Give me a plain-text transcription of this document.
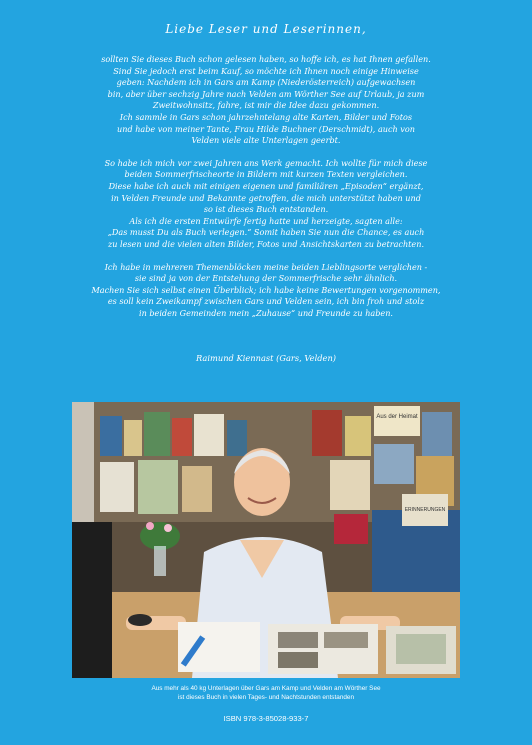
Liebe Leser und Leserinnen,
sollten Sie dieses Buch schon gelesen haben, so hoffe ich, es hat Ihnen gefallen.
Sind Sie jedoch erst beim Kauf, so möchte ich Ihnen noch einige Hinweise
geben: Nachdem ich in Gars am Kamp (Niederösterreich) aufgewachsen
bin, aber über sechzig Jahre nach Velden am Wörther See auf Urlaub, ja zum
Zweitwohnsitz, fahre, ist mir die Idee dazu gekommen.
Ich sammle in Gars schon jahrzehntelang alte Karten, Bilder und Fotos
und habe von meiner Tante, Frau Hilde Buchner (Derschmidt), auch von
Velden viele alte Unterlagen geerbt.
So habe ich mich vor zwei Jahren ans Werk gemacht. Ich wollte für mich diese
beiden Sommerfrischeorte in Bildern mit kurzen Texten vergleichen.
Diese habe ich auch mit einigen eigenen und familiären „Episoden“ ergänzt,
in Velden Freunde und Bekannte getroffen, die mich unterstützt haben und
so ist dieses Buch entstanden.
Als ich die ersten Entwürfe fertig hatte und herzeigte, sagten alle:
„Das musst Du als Buch verlegen.“ Somit haben Sie nun die Chance, es auch
zu lesen und die vielen alten Bilder, Fotos und Ansichtskarten zu betrachten.
Ich habe in mehreren Themenblöcken meine beiden Lieblingsorte verglichen -
sie sind ja von der Entstehung der Sommerfrische sehr ähnlich.
Machen Sie sich selbst einen Überblick; ich habe keine Bewertungen vorgenommen,
es soll kein Zweikampf zwischen Gars und Velden sein, ich bin froh und stolz
in beiden Gemeinden mein „Zuhause“ und Freunde zu haben.
Raimund Kiennast (Gars, Velden)
Aus der Heimat
ERINNERUNGEN
Aus mehr als 40 kg Unterlagen über Gars am Kamp und Velden am Wörther See
ist dieses Buch in vielen Tages- und Nachtstunden entstanden
ISBN 978-3-85028-933-7
